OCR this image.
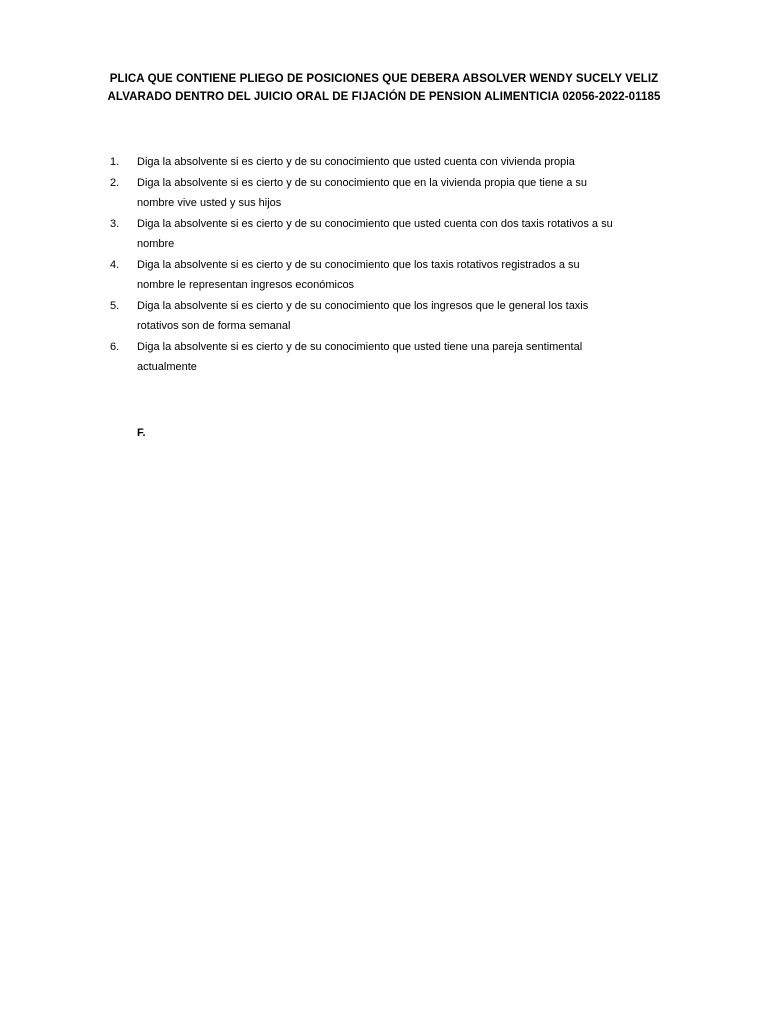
PLICA QUE CONTIENE PLIEGO DE POSICIONES QUE DEBERA ABSOLVER WENDY SUCELY VELIZ
ALVARADO DENTRO DEL JUICIO ORAL DE FIJACIÓN DE PENSION ALIMENTICIA 02056-2022-01185
1. Diga la absolvente si es cierto y de su conocimiento que usted cuenta con vivienda propia
2. Diga la absolvente si es cierto y de su conocimiento que en la vivienda propia que tiene a su
nombre vive usted y sus hijos
3. Diga la absolvente si es cierto y de su conocimiento que usted cuenta con dos taxis rotativos a su
nombre
4. Diga la absolvente si es cierto y de su conocimiento que los taxis rotativos registrados a su
nombre le representan ingresos económicos
5. Diga la absolvente si es cierto y de su conocimiento que los ingresos que le general los taxis
rotativos son de forma semanal
6. Diga la absolvente si es cierto y de su conocimiento que usted tiene una pareja sentimental
actualmente
F.
